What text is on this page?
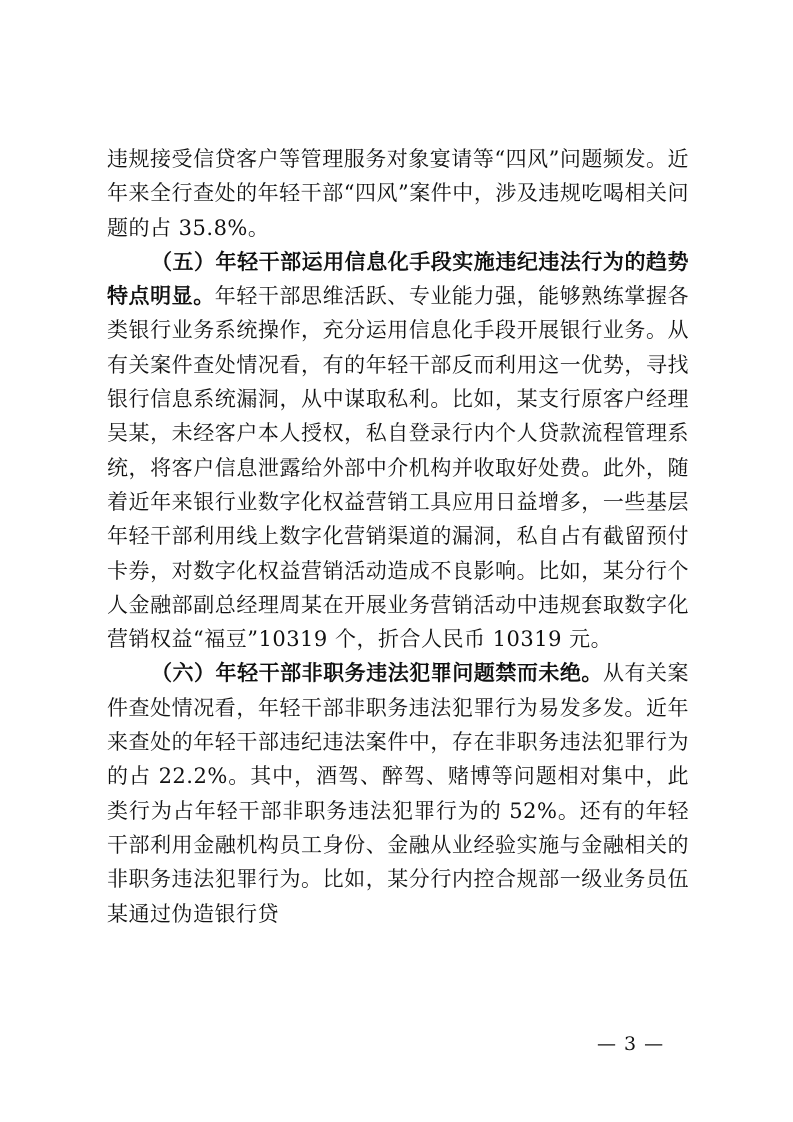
违规接受信贷客户等管理服务对象宴请等“四风”问题频发。近年来全行查处的年轻干部“四风”案件中，涉及违规吃喝相关问题的占 35.8%。

（五）年轻干部运用信息化手段实施违纪违法行为的趋势特点明显。年轻干部思维活跃、专业能力强，能够熟练掌握各类银行业务系统操作，充分运用信息化手段开展银行业务。从有关案件查处情况看，有的年轻干部反而利用这一优势，寻找银行信息系统漏洞，从中谋取私利。比如，某支行原客户经理吴某，未经客户本人授权，私自登录行内个人贷款流程管理系统，将客户信息泄露给外部中介机构并收取好处费。此外，随着近年来银行业数字化权益营销工具应用日益增多，一些基层年轻干部利用线上数字化营销渠道的漏洞，私自占有截留预付卡券，对数字化权益营销活动造成不良影响。比如，某分行个人金融部副总经理周某在开展业务营销活动中违规套取数字化营销权益“福豆”10319 个，折合人民币 10319 元。

（六）年轻干部非职务违法犯罪问题禁而未绝。从有关案件查处情况看，年轻干部非职务违法犯罪行为易发多发。近年来查处的年轻干部违纪违法案件中，存在非职务违法犯罪行为的占 22.2%。其中，酒驾、醉驾、赌博等问题相对集中，此类行为占年轻干部非职务违法犯罪行为的 52%。还有的年轻干部利用金融机构员工身份、金融从业经验实施与金融相关的非职务违法犯罪行为。比如，某分行内控合规部一级业务员伍某通过伪造银行贷

— 3 —
